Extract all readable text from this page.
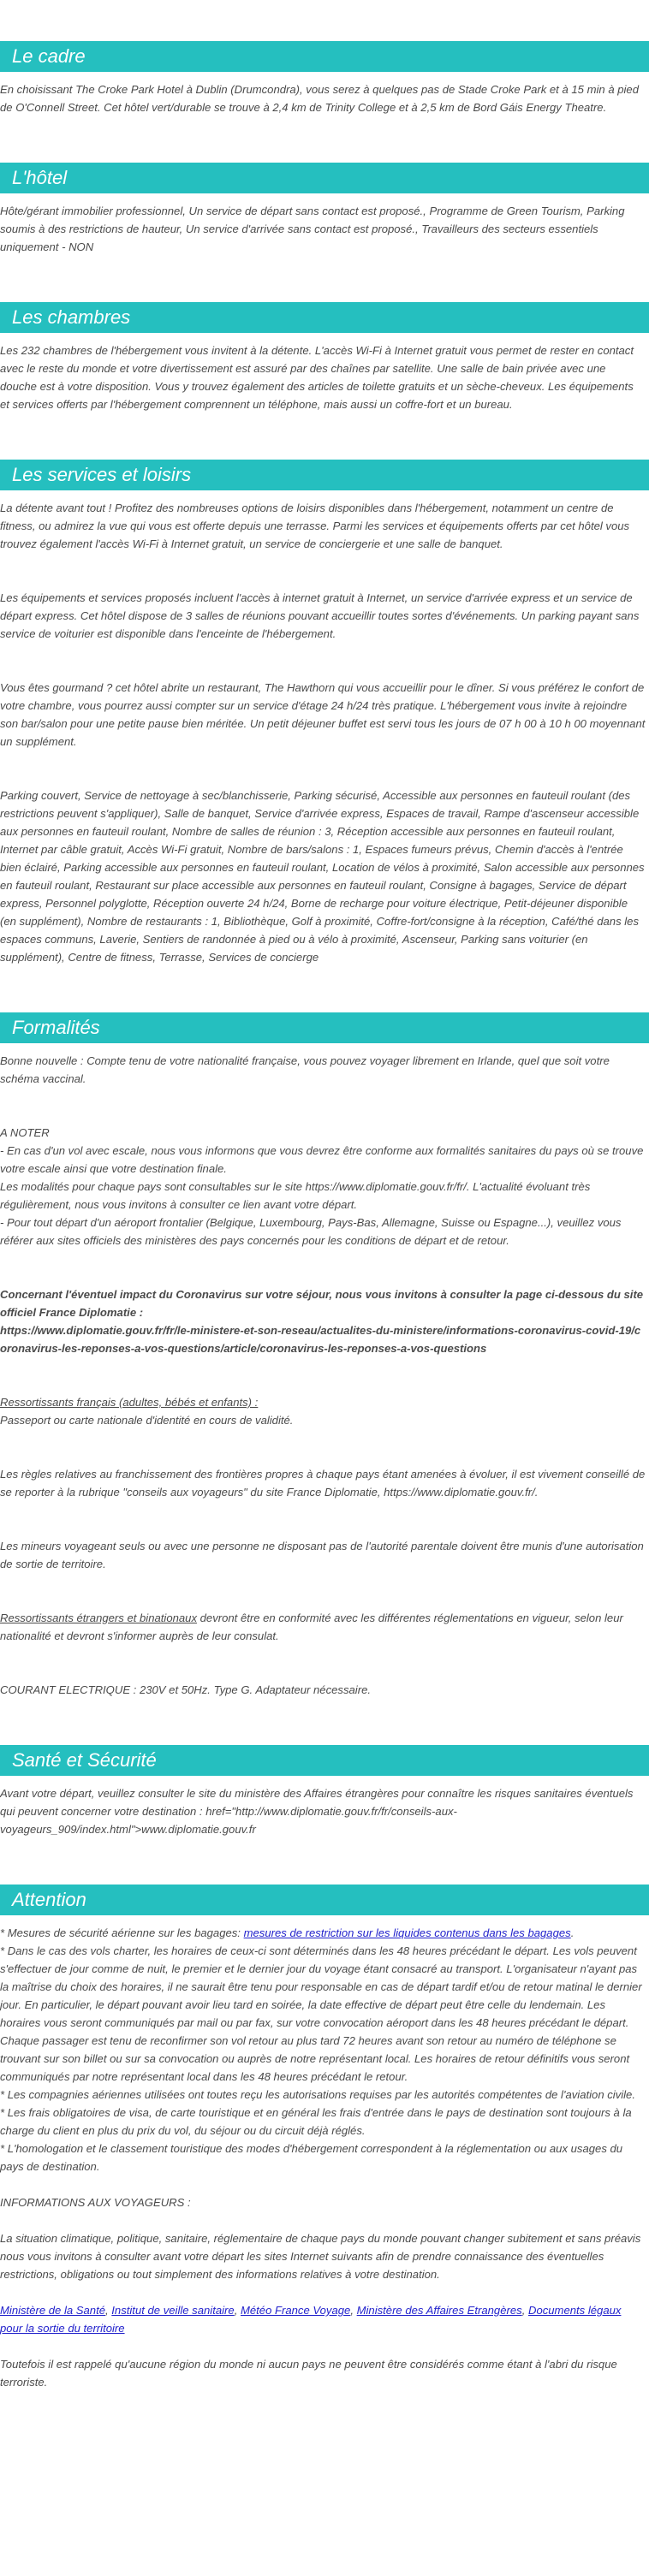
Le cadre

En choisissant The Croke Park Hotel à Dublin (Drumcondra), vous serez à quelques pas de Stade Croke Park et à 15 min à pied de O'Connell Street. Cet hôtel vert/durable se trouve à 2,4 km de Trinity College et à 2,5 km de Bord Gáis Energy Theatre.

L'hôtel

Hôte/gérant immobilier professionnel, Un service de départ sans contact est proposé., Programme de Green Tourism, Parking soumis à des restrictions de hauteur, Un service d'arrivée sans contact est proposé., Travailleurs des secteurs essentiels uniquement - NON

Les chambres

Les 232 chambres de l'hébergement vous invitent à la détente. L'accès Wi-Fi à Internet gratuit vous permet de rester en contact avec le reste du monde et votre divertissement est assuré par des chaînes par satellite. Une salle de bain privée avec une douche est à votre disposition. Vous y trouvez également des articles de toilette gratuits et un sèche-cheveux. Les équipements et services offerts par l'hébergement comprennent un téléphone, mais aussi un coffre-fort et un bureau.

Les services et loisirs

La détente avant tout ! Profitez des nombreuses options de loisirs disponibles dans l'hébergement, notamment un centre de fitness, ou admirez la vue qui vous est offerte depuis une terrasse. Parmi les services et équipements offerts par cet hôtel vous trouvez également l'accès Wi-Fi à Internet gratuit, un service de conciergerie et une salle de banquet.

Les équipements et services proposés incluent l'accès à internet gratuit à Internet, un service d'arrivée express et un service de départ express. Cet hôtel dispose de 3 salles de réunions pouvant accueillir toutes sortes d'événements. Un parking payant sans service de voiturier est disponible dans l'enceinte de l'hébergement.

Vous êtes gourmand ? cet hôtel abrite un restaurant, The Hawthorn qui vous accueillir pour le dîner. Si vous préférez le confort de votre chambre, vous pourrez aussi compter sur un service d'étage 24 h/24 très pratique. L'hébergement vous invite à rejoindre son bar/salon pour une petite pause bien méritée. Un petit déjeuner buffet est servi tous les jours de 07 h 00 à 10 h 00 moyennant un supplément.

Parking couvert, Service de nettoyage à sec/blanchisserie, Parking sécurisé, Accessible aux personnes en fauteuil roulant (des restrictions peuvent s'appliquer), Salle de banquet, Service d'arrivée express, Espaces de travail, Rampe d'ascenseur accessible aux personnes en fauteuil roulant, Nombre de salles de réunion : 3, Réception accessible aux personnes en fauteuil roulant, Internet par câble gratuit, Accès Wi-Fi gratuit, Nombre de bars/salons : 1, Espaces fumeurs prévus, Chemin d'accès à l'entrée bien éclairé, Parking accessible aux personnes en fauteuil roulant, Location de vélos à proximité, Salon accessible aux personnes en fauteuil roulant, Restaurant sur place accessible aux personnes en fauteuil roulant, Consigne à bagages, Service de départ express, Personnel polyglotte, Réception ouverte 24 h/24, Borne de recharge pour voiture électrique, Petit-déjeuner disponible (en supplément), Nombre de restaurants : 1, Bibliothèque, Golf à proximité, Coffre-fort/consigne à la réception, Café/thé dans les espaces communs, Laverie, Sentiers de randonnée à pied ou à vélo à proximité, Ascenseur, Parking sans voiturier (en supplément), Centre de fitness, Terrasse, Services de concierge

Formalités

Bonne nouvelle : Compte tenu de votre nationalité française, vous pouvez voyager librement en Irlande, quel que soit votre schéma vaccinal.

A NOTER

- En cas d'un vol avec escale, nous vous informons que vous devrez être conforme aux formalités sanitaires du pays où se trouve votre escale ainsi que votre destination finale.

Les modalités pour chaque pays sont consultables sur le site https://www.diplomatie.gouv.fr/fr/. L'actualité évoluant très régulièrement, nous vous invitons à consulter ce lien avant votre départ.

- Pour tout départ d'un aéroport frontalier (Belgique, Luxembourg, Pays-Bas, Allemagne, Suisse ou Espagne...), veuillez vous référer aux sites officiels des ministères des pays concernés pour les conditions de départ et de retour.

Concernant l'éventuel impact du Coronavirus sur votre séjour, nous vous invitons à consulter la page ci-dessous du site officiel France Diplomatie :

https://www.diplomatie.gouv.fr/fr/le-ministere-et-son-reseau/actualites-du-ministere/informations-coronavirus-covid-19/coronavirus-les-reponses-a-vos-questions/article/coronavirus-les-reponses-a-vos-questions

Ressortissants français (adultes, bébés et enfants) :

Passeport ou carte nationale d'identité en cours de validité.

Les règles relatives au franchissement des frontières propres à chaque pays étant amenées à évoluer, il est vivement conseillé de se reporter à la rubrique "conseils aux voyageurs" du site France Diplomatie, https://www.diplomatie.gouv.fr/.

Les mineurs voyageant seuls ou avec une personne ne disposant pas de l'autorité parentale doivent être munis d'une autorisation de sortie de territoire.

Ressortissants étrangers et binationaux devront être en conformité avec les différentes réglementations en vigueur, selon leur nationalité et devront s'informer auprès de leur consulat.

COURANT ELECTRIQUE : 230V et 50Hz. Type G. Adaptateur nécessaire.

Santé et Sécurité

Avant votre départ, veuillez consulter le site du ministère des Affaires étrangères pour connaître les risques sanitaires éventuels qui peuvent concerner votre destination : href="http://www.diplomatie.gouv.fr/fr/conseils-aux-voyageurs_909/index.html">www.diplomatie.gouv.fr

Attention

* Mesures de sécurité aérienne sur les bagages: mesures de restriction sur les liquides contenus dans les bagages.

* Dans le cas des vols charter, les horaires de ceux-ci sont déterminés dans les 48 heures précédant le départ. Les vols peuvent s'effectuer de jour comme de nuit, le premier et le dernier jour du voyage étant consacré au transport. L'organisateur n'ayant pas la maîtrise du choix des horaires, il ne saurait être tenu pour responsable en cas de départ tardif et/ou de retour matinal le dernier jour. En particulier, le départ pouvant avoir lieu tard en soirée, la date effective de départ peut être celle du lendemain. Les horaires vous seront communiqués par mail ou par fax, sur votre convocation aéroport dans les 48 heures précédant le départ. Chaque passager est tenu de reconfirmer son vol retour au plus tard 72 heures avant son retour au numéro de téléphone se trouvant sur son billet ou sur sa convocation ou auprès de notre représentant local. Les horaires de retour définitifs vous seront communiqués par notre représentant local dans les 48 heures précédant le retour.

* Les compagnies aériennes utilisées ont toutes reçu les autorisations requises par les autorités compétentes de l'aviation civile.

* Les frais obligatoires de visa, de carte touristique et en général les frais d'entrée dans le pays de destination sont toujours à la charge du client en plus du prix du vol, du séjour ou du circuit déjà réglés.

* L'homologation et le classement touristique des modes d'hébergement correspondent à la réglementation ou aux usages du pays de destination.

INFORMATIONS AUX VOYAGEURS :

La situation climatique, politique, sanitaire, réglementaire de chaque pays du monde pouvant changer subitement et sans préavis nous vous invitons à consulter avant votre départ les sites Internet suivants afin de prendre connaissance des éventuelles restrictions, obligations ou tout simplement des informations relatives à votre destination.

Ministère de la Santé, Institut de veille sanitaire, Météo France Voyage, Ministère des Affaires Etrangères, Documents légaux pour la sortie du territoire

Toutefois il est rappelé qu'aucune région du monde ni aucun pays ne peuvent être considérés comme étant à l'abri du risque terroriste.
